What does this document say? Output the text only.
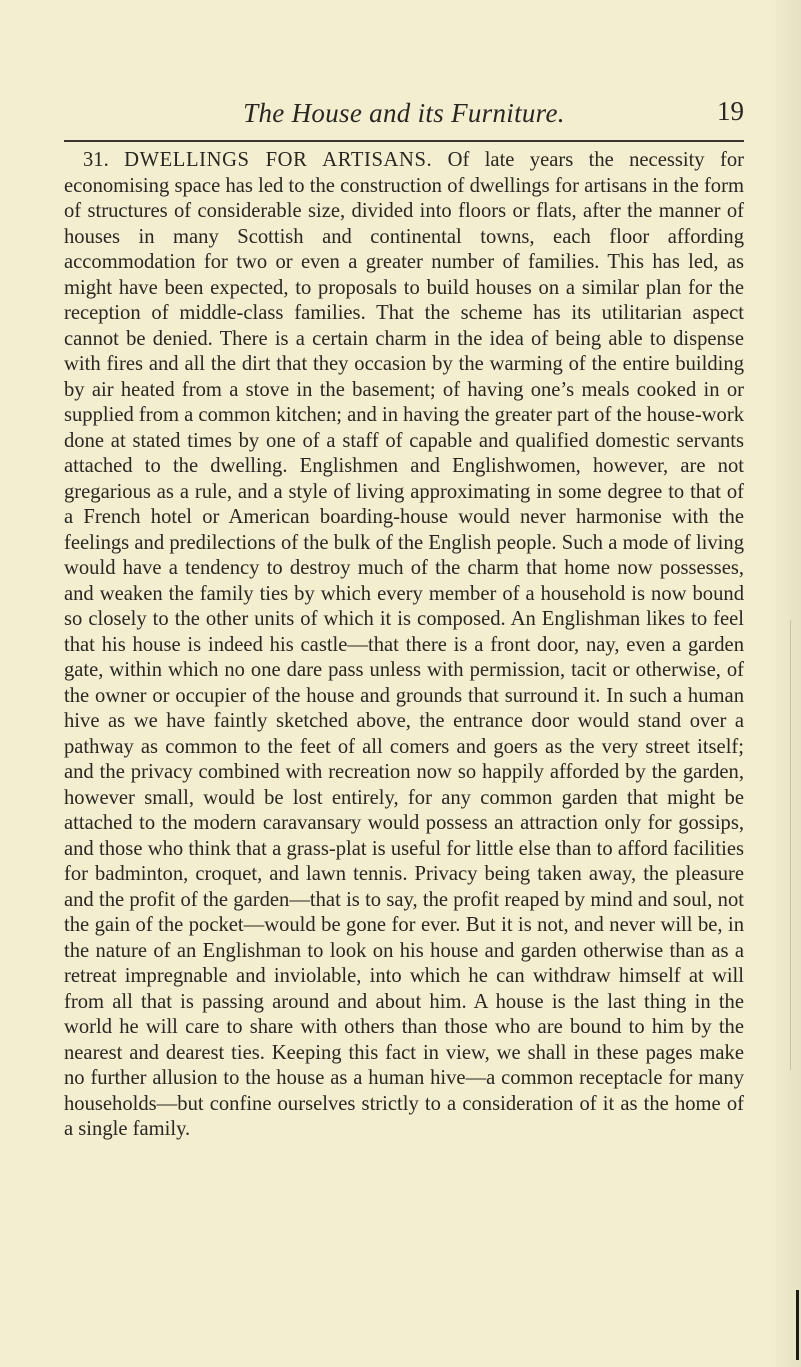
The House and its Furniture.	19
31. DWELLINGS FOR ARTISANS. Of late years the necessity for economising space has led to the construction of dwellings for artisans in the form of structures of considerable size, divided into floors or flats, after the manner of houses in many Scottish and continental towns, each floor affording accommodation for two or even a greater number of families. This has led, as might have been expected, to proposals to build houses on a similar plan for the reception of middle-class families. That the scheme has its utilitarian aspect cannot be denied. There is a certain charm in the idea of being able to dispense with fires and all the dirt that they occasion by the warming of the entire building by air heated from a stove in the basement; of having one’s meals cooked in or supplied from a common kitchen; and in having the greater part of the house-work done at stated times by one of a staff of capable and qualified domestic servants attached to the dwelling. Englishmen and Englishwomen, however, are not gregarious as a rule, and a style of living approximating in some degree to that of a French hotel or American boarding-house would never harmonise with the feelings and predilections of the bulk of the English people. Such a mode of living would have a tendency to destroy much of the charm that home now possesses, and weaken the family ties by which every member of a household is now bound so closely to the other units of which it is composed. An Englishman likes to feel that his house is indeed his castle—that there is a front door, nay, even a garden gate, within which no one dare pass unless with permission, tacit or otherwise, of the owner or occupier of the house and grounds that surround it. In such a human hive as we have faintly sketched above, the entrance door would stand over a pathway as common to the feet of all comers and goers as the very street itself; and the privacy combined with recreation now so happily afforded by the garden, however small, would be lost entirely, for any common garden that might be attached to the modern caravansary would possess an attraction only for gossips, and those who think that a grass-plat is useful for little else than to afford facilities for badminton, croquet, and lawn tennis. Privacy being taken away, the pleasure and the profit of the garden—that is to say, the profit reaped by mind and soul, not the gain of the pocket—would be gone for ever. But it is not, and never will be, in the nature of an Englishman to look on his house and garden otherwise than as a retreat impregnable and inviolable, into which he can withdraw himself at will from all that is passing around and about him. A house is the last thing in the world he will care to share with others than those who are bound to him by the nearest and dearest ties. Keeping this fact in view, we shall in these pages make no further allusion to the house as a human hive—a common receptacle for many households—but confine ourselves strictly to a consideration of it as the home of a single family.
